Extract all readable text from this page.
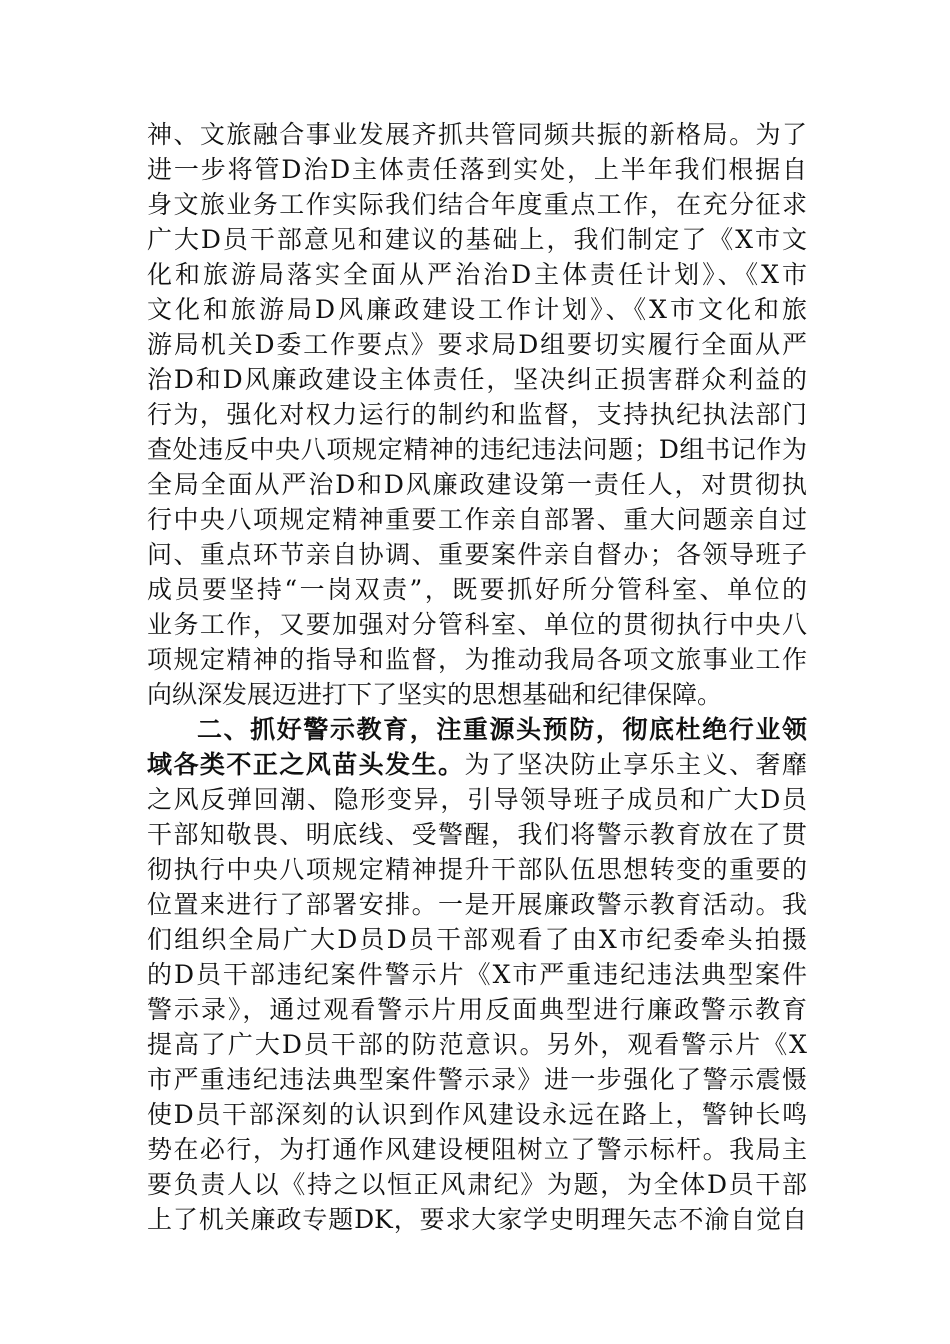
神、文旅融合事业发展齐抓共管同频共振的新格局。为了
进一步将管D治D主体责任落到实处，上半年我们根据自
身文旅业务工作实际我们结合年度重点工作，在充分征求
广大D员干部意见和建议的基础上，我们制定了《X市文
化和旅游局落实全面从严治治D主体责任计划》、《X市
文化和旅游局D风廉政建设工作计划》、《X市文化和旅
游局机关D委工作要点》要求局D组要切实履行全面从严
治D和D风廉政建设主体责任，坚决纠正损害群众利益的
行为，强化对权力运行的制约和监督，支持执纪执法部门
查处违反中央八项规定精神的违纪违法问题；D组书记作为
全局全面从严治D和D风廉政建设第一责任人，对贯彻执
行中央八项规定精神重要工作亲自部署、重大问题亲自过
问、重点环节亲自协调、重要案件亲自督办；各领导班子
成员要坚持“一岗双责”，既要抓好所分管科室、单位的
业务工作，又要加强对分管科室、单位的贯彻执行中央八
项规定精神的指导和监督，为推动我局各项文旅事业工作
向纵深发展迈进打下了坚实的思想基础和纪律保障。
二、抓好警示教育，注重源头预防，彻底杜绝行业领
域各类不正之风苗头发生。为了坚决防止享乐主义、奢靡
之风反弹回潮、隐形变异，引导领导班子成员和广大D员
干部知敬畏、明底线、受警醒，我们将警示教育放在了贯
彻执行中央八项规定精神提升干部队伍思想转变的重要的
位置来进行了部署安排。一是开展廉政警示教育活动。我
们组织全局广大D员D员干部观看了由X市纪委牵头拍摄
的D员干部违纪案件警示片《X市严重违纪违法典型案件
警示录》，通过观看警示片用反面典型进行廉政警示教育
提高了广大D员干部的防范意识。另外，观看警示片《X
市严重违纪违法典型案件警示录》进一步强化了警示震慑
使D员干部深刻的认识到作风建设永远在路上，警钟长鸣
势在必行，为打通作风建设梗阻树立了警示标杆。我局主
要负责人以《持之以恒正风肃纪》为题，为全体D员干部
上了机关廉政专题DK，要求大家学史明理矢志不渝自觉自
